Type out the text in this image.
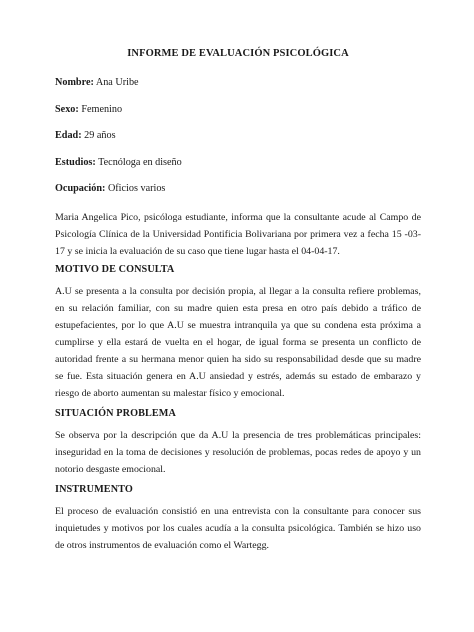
INFORME DE EVALUACIÓN PSICOLÓGICA
Nombre: Ana Uribe
Sexo: Femenino
Edad: 29 años
Estudios: Tecnóloga en diseño
Ocupación: Oficios varios

Maria Angelica Pico, psicóloga estudiante, informa que la consultante acude al Campo de Psicología Clínica de la Universidad Pontificia Bolivariana por primera vez a fecha 15 -03-17 y se inicia la evaluación de su caso que tiene lugar hasta el 04-04-17.

MOTIVO DE CONSULTA

A.U se presenta a la consulta por decisión propia, al llegar a la consulta refiere problemas, en su relación familiar, con su madre quien esta presa en otro país debido a tráfico de estupefacientes, por lo que A.U se muestra intranquila ya que su condena esta próxima a cumplirse y ella estará de vuelta en el hogar, de igual forma se presenta un conflicto de autoridad frente a su hermana menor quien ha sido su responsabilidad desde que su madre se fue. Esta situación genera en A.U ansiedad y estrés, además su estado de embarazo y riesgo de aborto aumentan su malestar físico y emocional.

SITUACIÓN PROBLEMA

Se observa por la descripción que da A.U la presencia de tres problemáticas principales: inseguridad en la toma de decisiones y resolución de problemas, pocas redes de apoyo y un notorio desgaste emocional.

INSTRUMENTO

El proceso de evaluación consistió en una entrevista con la consultante para conocer sus inquietudes y motivos por los cuales acudía a la consulta psicológica. También se hizo uso de otros instrumentos de evaluación como el Wartegg.
